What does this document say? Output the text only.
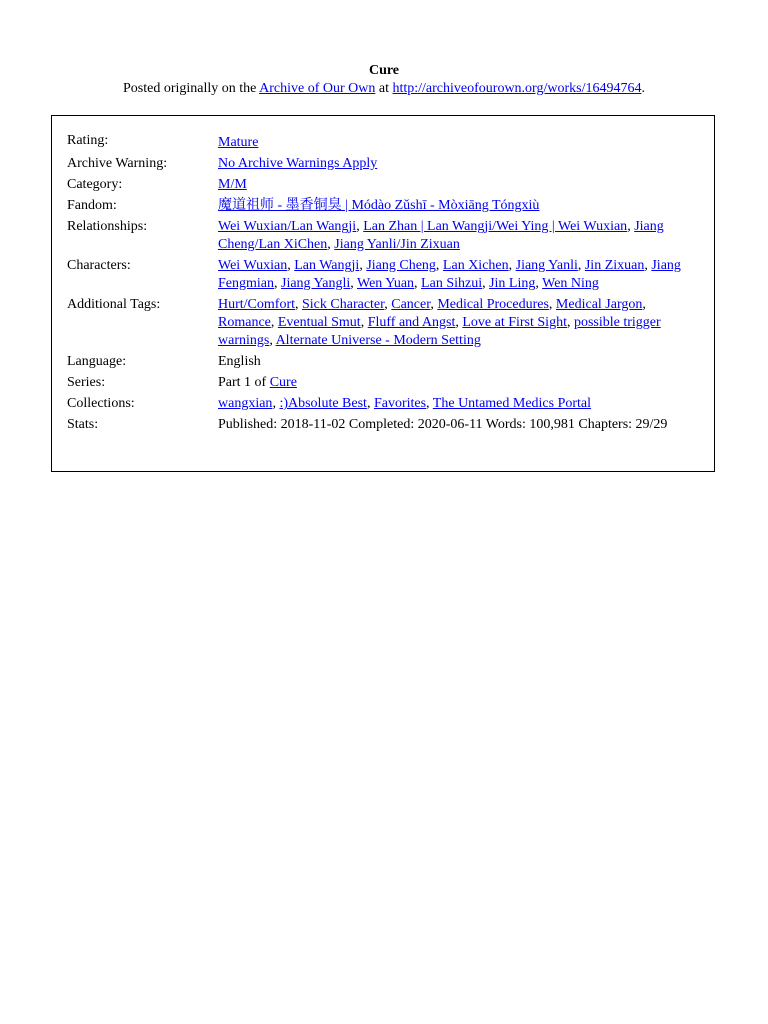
Cure
Posted originally on the Archive of Our Own at http://archiveofourown.org/works/16494764.
Rating:	Mature
Archive Warning:	No Archive Warnings Apply
Category:	M/M
Fandom:	魔道祖师 - 墨香铜臭 | Módào Zǔshī - Mòxiāng Tóngxiù
Relationships:	Wei Wuxian/Lan Wangji, Lan Zhan | Lan Wangji/Wei Ying | Wei Wuxian, Jiang Cheng/Lan XiChen, Jiang Yanli/Jin Zixuan
Characters:	Wei Wuxian, Lan Wangji, Jiang Cheng, Lan Xichen, Jiang Yanli, Jin Zixuan, Jiang Fengmian, Jiang Yangli, Wen Yuan, Lan Sihzui, Jin Ling, Wen Ning
Additional Tags:	Hurt/Comfort, Sick Character, Cancer, Medical Procedures, Medical Jargon, Romance, Eventual Smut, Fluff and Angst, Love at First Sight, possible trigger warnings, Alternate Universe - Modern Setting
Language:	English
Series:	Part 1 of Cure
Collections:	wangxian, :)Absolute Best, Favorites, The Untamed Medics Portal
Stats:	Published: 2018-11-02 Completed: 2020-06-11 Words: 100,981 Chapters: 29/29
